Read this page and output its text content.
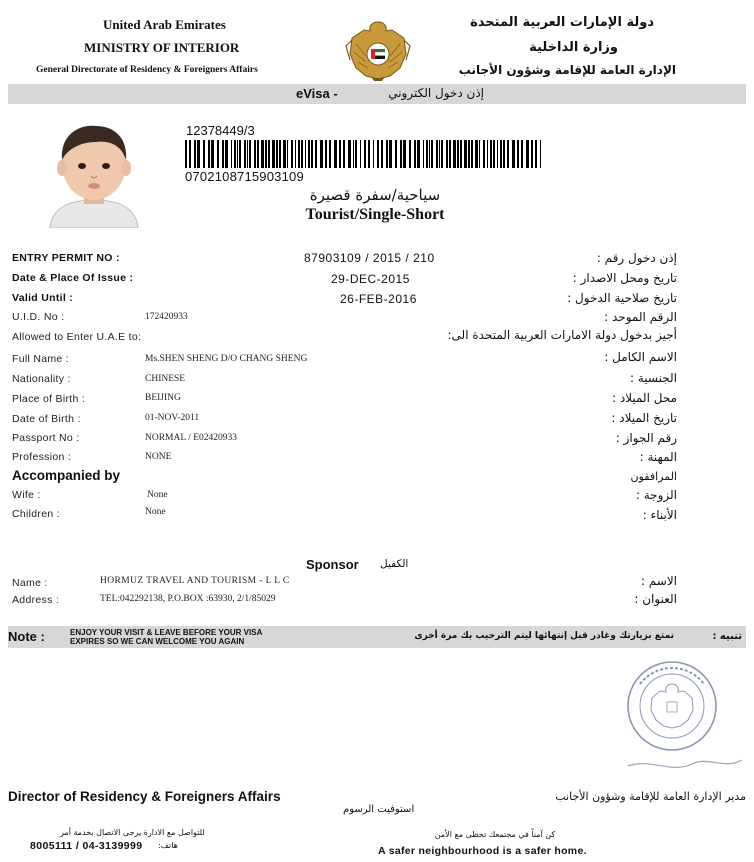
United Arab Emirates
MINISTRY OF INTERIOR
General Directorate of Residency & Foreigners Affairs
دولة الإمارات العربية المتحدة
وزارة الداخلية
الإدارة العامة للإقامة وشؤون الأجانب
eVisa -	إذن دخول الكتروني
12378449/3
0702108715903109
سياحية/سفرة قصيرة
Tourist/Single-Short
ENTRY PERMIT NO :	87903109 / 2015 / 210	إذن دخول رقم :
Date & Place Of Issue :	29-DEC-2015	تاريخ ومحل الاصدار :
Valid Until :	26-FEB-2016	تاريخ صلاحية الدخول :
U.I.D. No :	172420933	الرقم الموحد :
Allowed to Enter U.A.E to:	أجيز بدخول دولة الامارات العربية المتحدة الى:
Full Name :	Ms.SHEN SHENG D/O CHANG SHENG	الاسم الكامل :
Nationality :	CHINESE	الجنسية :
Place of Birth :	BEIJING	محل الميلاد :
Date of Birth :	01-NOV-2011	تاريخ الميلاد :
Passport No :	NORMAL / E02420933	رقم الجواز :
Profession :	NONE	المهنة :
Accompanied by	المرافقون
Wife :	None	الزوجة :
Children :	None	الأبناء :
Sponsor الكفيل
Name :	HORMUZ TRAVEL AND TOURISM - L L C	الاسم :
Address :	TEL:042292138, P.O.BOX :63930, 2/1/85029	العنوان :
Note :	ENJOY YOUR VISIT & LEAVE BEFORE YOUR VISA
EXPIRES SO WE CAN WELCOME YOU AGAIN
تمتع بزيارتك وغادر قبل إنتهائها ليتم الترحيب بك مرة أخرى	تنبيه :
Director of Residency & Foreigners Affairs	مدير الإدارة العامة للإقامة وشؤون الأجانب
استوفيت الرسوم
للتواصل مع الادارة يرجى الاتصال بخدمة أمر
8005111 / 04-3139999 هاتف:
كن آمناً في مجتمعك تحظى مع الأمن
A safer neighbourhood is a safer home.
